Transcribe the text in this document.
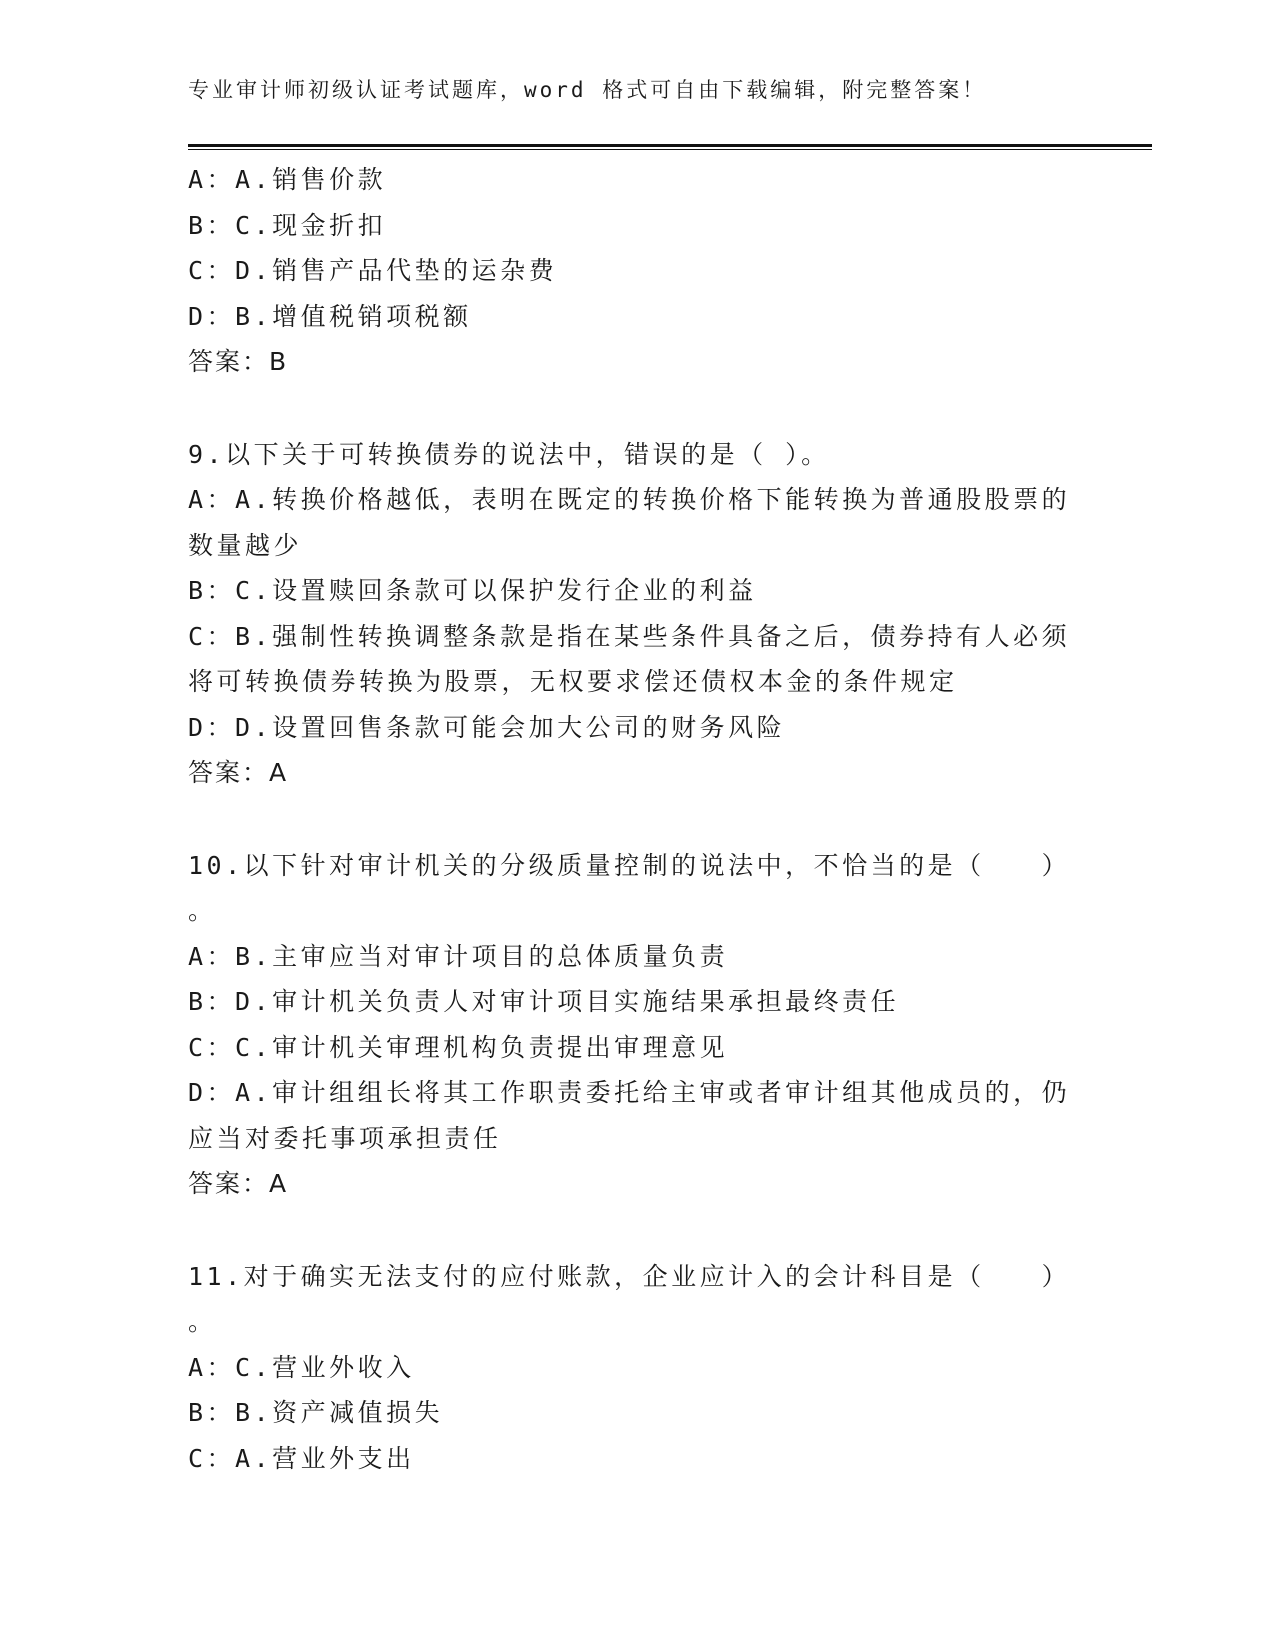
专业审计师初级认证考试题库，word 格式可自由下载编辑，附完整答案！
A：A.销售价款
B：C.现金折扣
C：D.销售产品代垫的运杂费
D：B.增值税销项税额
答案：B
9.以下关于可转换债券的说法中，错误的是（ ）。
A：A.转换价格越低，表明在既定的转换价格下能转换为普通股股票的
数量越少
B：C.设置赎回条款可以保护发行企业的利益
C：B.强制性转换调整条款是指在某些条件具备之后，债券持有人必须
将可转换债券转换为股票，无权要求偿还债权本金的条件规定
D：D.设置回售条款可能会加大公司的财务风险
答案：A
10.以下针对审计机关的分级质量控制的说法中，不恰当的是（　　）
。
A：B.主审应当对审计项目的总体质量负责
B：D.审计机关负责人对审计项目实施结果承担最终责任
C：C.审计机关审理机构负责提出审理意见
D：A.审计组组长将其工作职责委托给主审或者审计组其他成员的，仍
应当对委托事项承担责任
答案：A
11.对于确实无法支付的应付账款，企业应计入的会计科目是（　　）
。
A：C.营业外收入
B：B.资产减值损失
C：A.营业外支出
